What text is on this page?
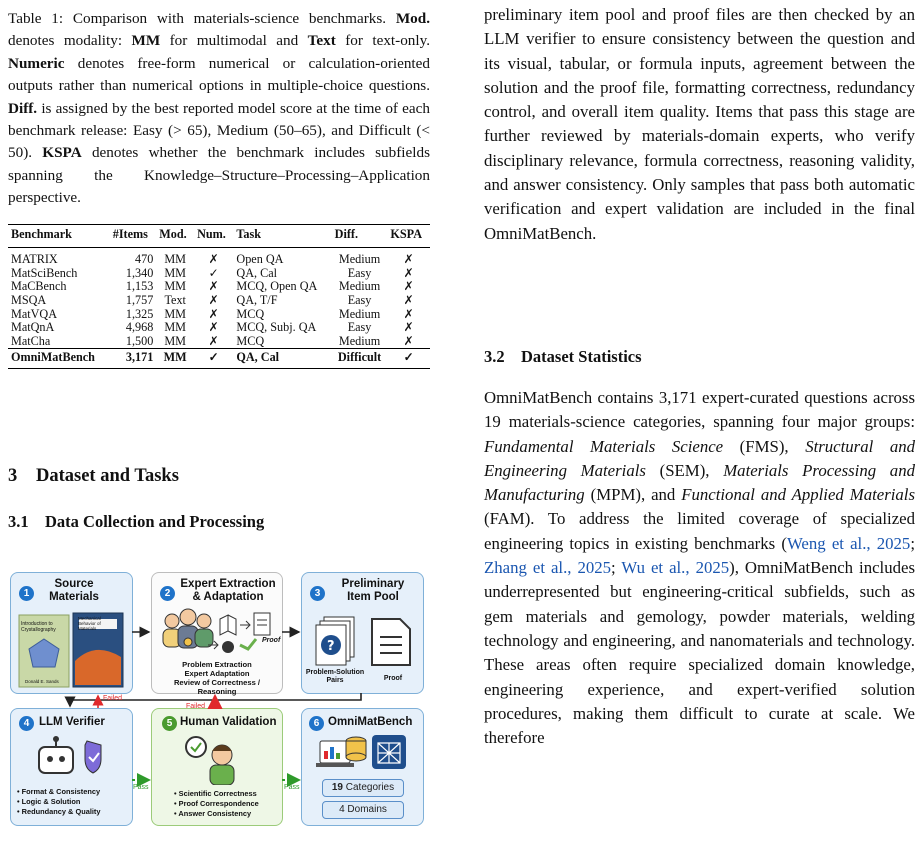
Table 1: Comparison with materials-science benchmarks. Mod. denotes modality: MM for multimodal and Text for text-only. Numeric denotes free-form numerical or calculation-oriented outputs rather than numerical options in multiple-choice questions. Diff. is assigned by the best reported model score at the time of each benchmark release: Easy (> 65), Medium (50–65), and Difficult (< 50). KSPA denotes whether the benchmark includes subfields spanning the Knowledge–Structure–Processing–Application perspective.
Benchmark	#Items	Mod.	Num.	Task	Diff.	KSPA
MATRIX	470	MM	✗	Open QA	Medium	✗
MatSciBench	1,340	MM	✓	QA, Cal	Easy	✗
MaCBench	1,153	MM	✗	MCQ, Open QA	Medium	✗
MSQA	1,757	Text	✗	QA, T/F	Easy	✗
MatVQA	1,325	MM	✗	MCQ	Medium	✗
MatQnA	4,968	MM	✗	MCQ, Subj. QA	Easy	✗
MatCha	1,500	MM	✗	MCQ	Medium	✗
OmniMatBench	3,171	MM	✓	QA, Cal	Difficult	✓
3 Dataset and Tasks
3.1 Data Collection and Processing
1
Source
Materials
Introduction to Crystallography
Donald E. Sands
Mechanical Behavior of Materials
2
Expert Extraction
& Adaptation
Proof
Problem Extraction
Expert Adaptation
Review of Correctness / Reasoning
3
Preliminary
Item Pool
?
Problem-Solution
Pairs	Proof
4 LLM Verifier
• Format & Consistency
• Logic & Solution
• Redundancy & Quality
5 Human Validation
• Scientific Correctness
• Proof Correspondence
• Answer Consistency
6 OmniMatBench
19 Categories
4 Domains
Failed
Failed
Pass	Pass

preliminary item pool and proof files are then checked by an LLM verifier to ensure consistency between the question and its visual, tabular, or formula inputs, agreement between the solution and the proof file, formatting correctness, redundancy control, and overall item quality. Items that pass this stage are further reviewed by materials-domain experts, who verify disciplinary relevance, formula correctness, reasoning validity, and answer consistency. Only samples that pass both automatic verification and expert validation are included in the final OmniMatBench.

3.2 Dataset Statistics

OmniMatBench contains 3,171 expert-curated questions across 19 materials-science categories, spanning four major groups: Fundamental Materials Science (FMS), Structural and Engineering Materials (SEM), Materials Processing and Manufacturing (MPM), and Functional and Applied Materials (FAM). To address the limited coverage of specialized engineering topics in existing benchmarks (Weng et al., 2025; Zhang et al., 2025; Wu et al., 2025), OmniMatBench includes underrepresented but engineering-critical subfields, such as gem materials and gemology, powder materials, welding technology and engineering, and nanomaterials and technology. These areas often require specialized domain knowledge, engineering experience, and expert-verified solution procedures, making them difficult to curate at scale. We therefore
